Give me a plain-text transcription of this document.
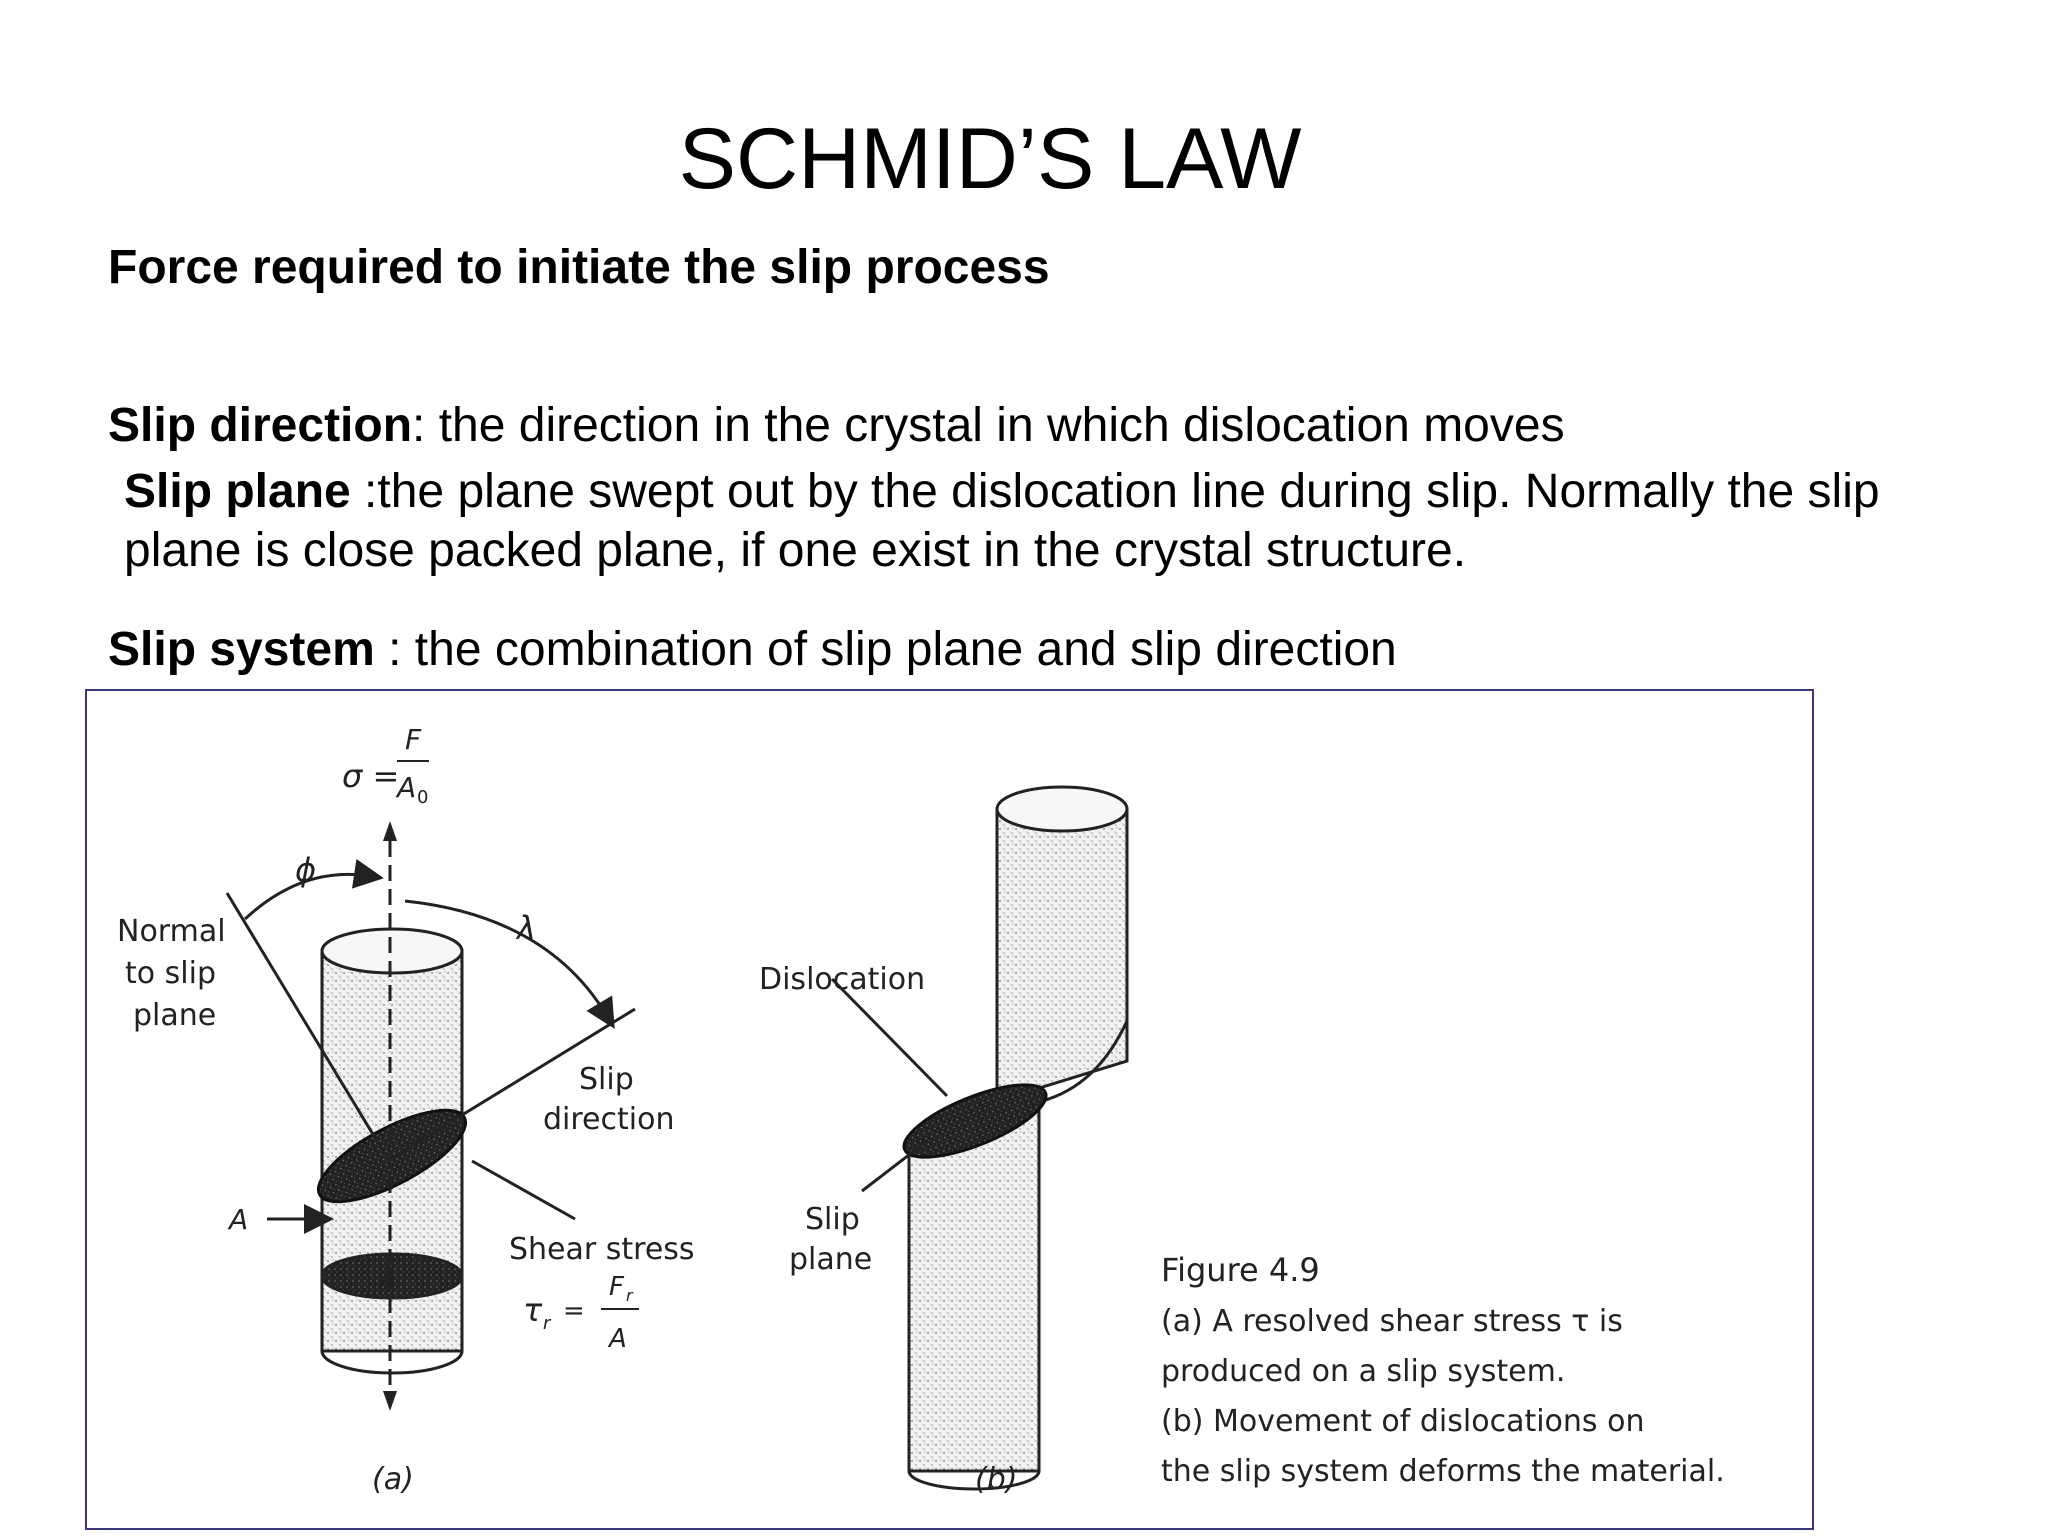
SCHMID’S LAW
Force required to initiate the slip process
Slip direction: the direction in the crystal in which dislocation moves
Slip plane :the plane swept out by the dislocation line during slip. Normally the slip plane is close packed plane, if one exist in the crystal structure.
Slip system : the combination of slip plane and slip direction
σ =
F
A 0
ϕ
λ
Normal
to slip
plane
Slip
direction
A
Shear stress
τ r =
F r
A
A
(a)
Dislocation
Slip
plane
(b)
Figure 4.9
(a) A resolved shear stress τ is
produced on a slip system.
(b) Movement of dislocations on
the slip system deforms the material.
